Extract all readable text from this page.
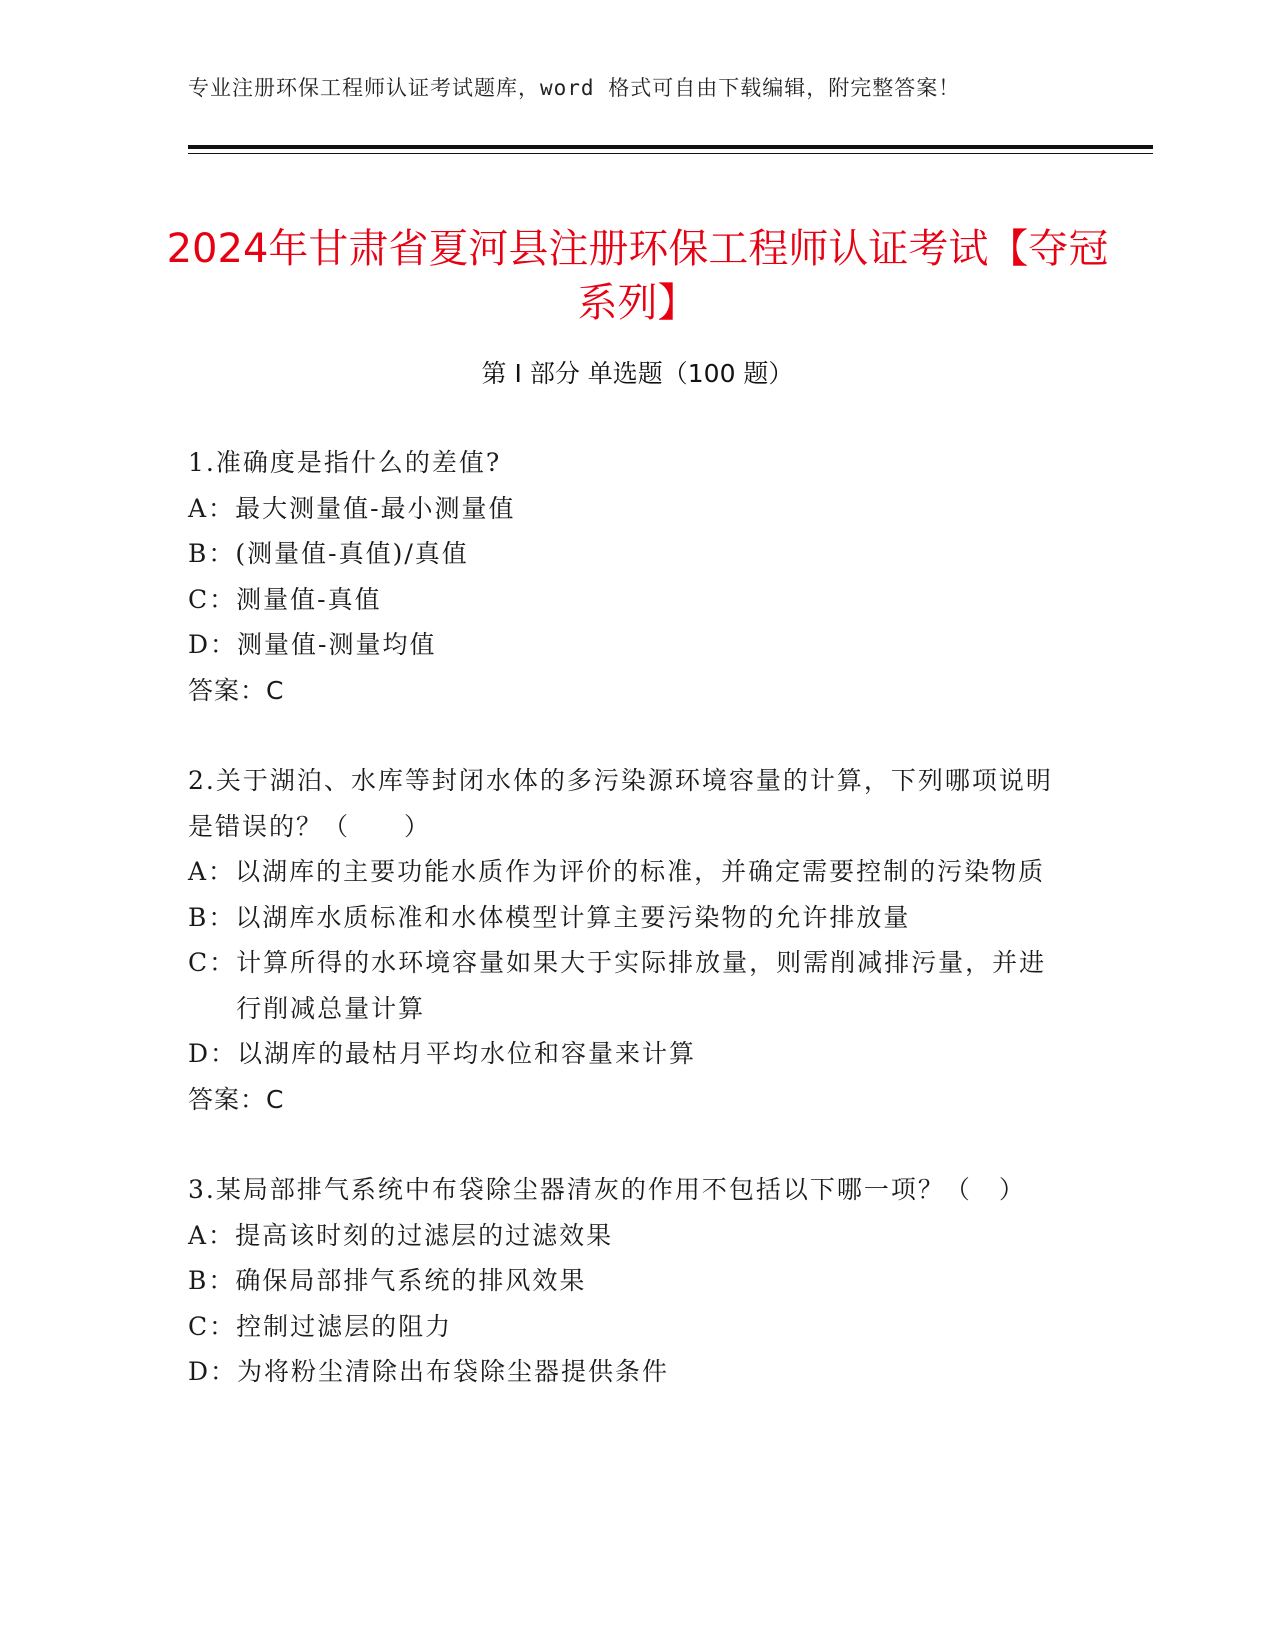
专业注册环保工程师认证考试题库，word 格式可自由下载编辑，附完整答案！
2024年甘肃省夏河县注册环保工程师认证考试【夺冠系列】
第 I 部分 单选题（100 题）
1.准确度是指什么的差值?
A： 最大测量值-最小测量值
B： (测量值-真值)/真值
C： 测量值-真值
D： 测量值-测量均值
答案：C
2.关于湖泊、水库等封闭水体的多污染源环境容量的计算，下列哪项说明是错误的？（　　）
A： 以湖库的主要功能水质作为评价的标准，并确定需要控制的污染物质
B： 以湖库水质标准和水体模型计算主要污染物的允许排放量
C： 计算所得的水环境容量如果大于实际排放量，则需削减排污量，并进行削减总量计算
D： 以湖库的最枯月平均水位和容量来计算
答案：C
3.某局部排气系统中布袋除尘器清灰的作用不包括以下哪一项？（　）
A： 提高该时刻的过滤层的过滤效果
B： 确保局部排气系统的排风效果
C： 控制过滤层的阻力
D： 为将粉尘清除出布袋除尘器提供条件
